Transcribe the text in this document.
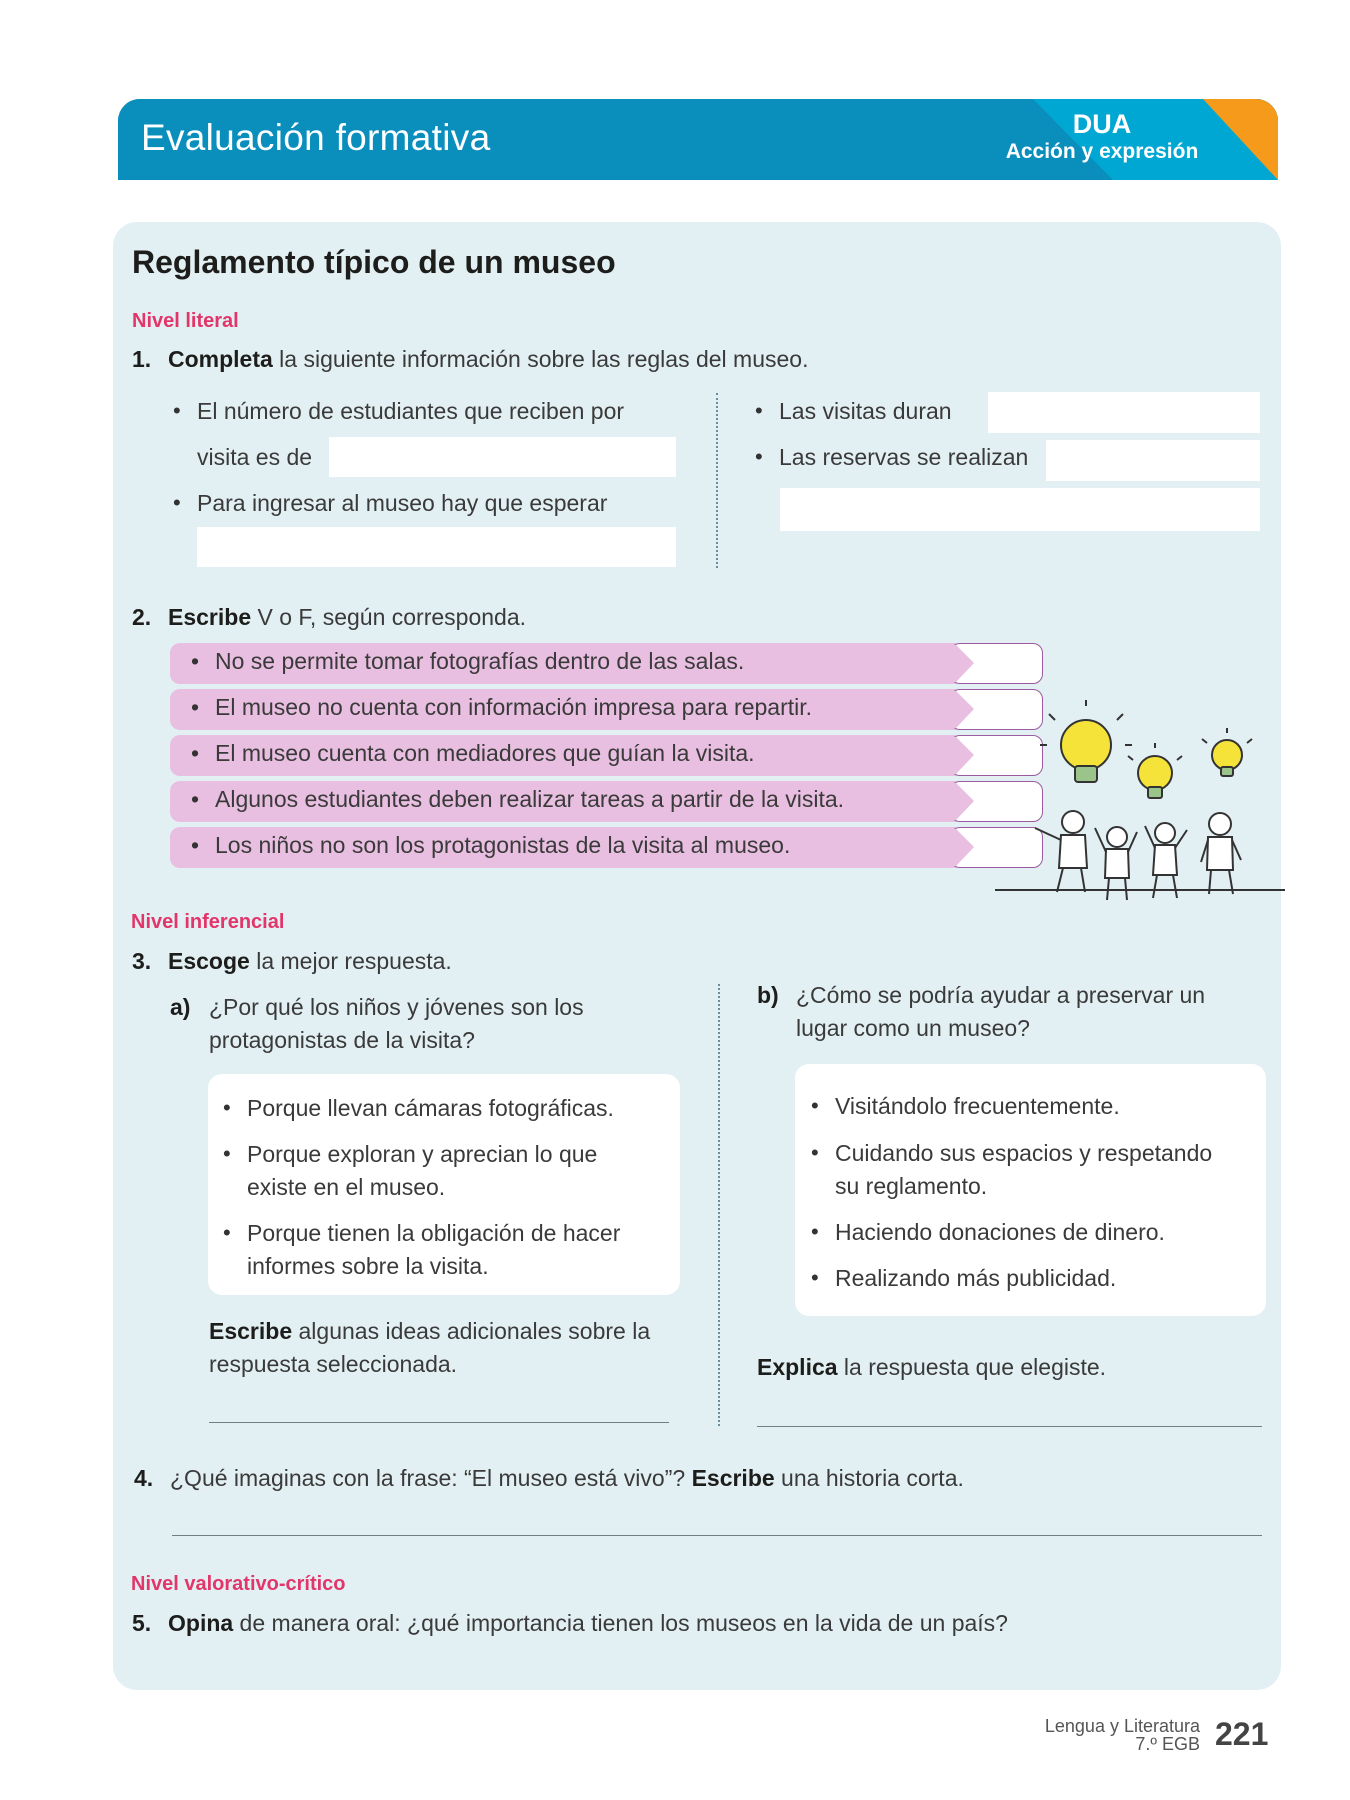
Evaluación formativa	DUA
Acción y expresión
Reglamento típico de un museo
Nivel literal
1. Completa la siguiente información sobre las reglas del museo.
• El número de estudiantes que reciben por
visita es de
• Para ingresar al museo hay que esperar
• Las visitas duran
• Las reservas se realizan
2. Escribe V o F, según corresponda.
• No se permite tomar fotografías dentro de las salas.
• El museo no cuenta con información impresa para repartir.
• El museo cuenta con mediadores que guían la visita.
• Algunos estudiantes deben realizar tareas a partir de la visita.
• Los niños no son los protagonistas de la visita al museo.
Nivel inferencial
3. Escoge la mejor respuesta.
a) ¿Por qué los niños y jóvenes son los
protagonistas de la visita?
• Porque llevan cámaras fotográficas.
• Porque exploran y aprecian lo que
existe en el museo.
• Porque tienen la obligación de hacer
informes sobre la visita.
Escribe algunas ideas adicionales sobre la
respuesta seleccionada.
b) ¿Cómo se podría ayudar a preservar un
lugar como un museo?
• Visitándolo frecuentemente.
• Cuidando sus espacios y respetando
su reglamento.
• Haciendo donaciones de dinero.
• Realizando más publicidad.
Explica la respuesta que elegiste.
4. ¿Qué imaginas con la frase: “El museo está vivo”? Escribe una historia corta.
Nivel valorativo-crítico
5. Opina de manera oral: ¿qué importancia tienen los museos en la vida de un país?
Lengua y Literatura
7.º EGB 221
